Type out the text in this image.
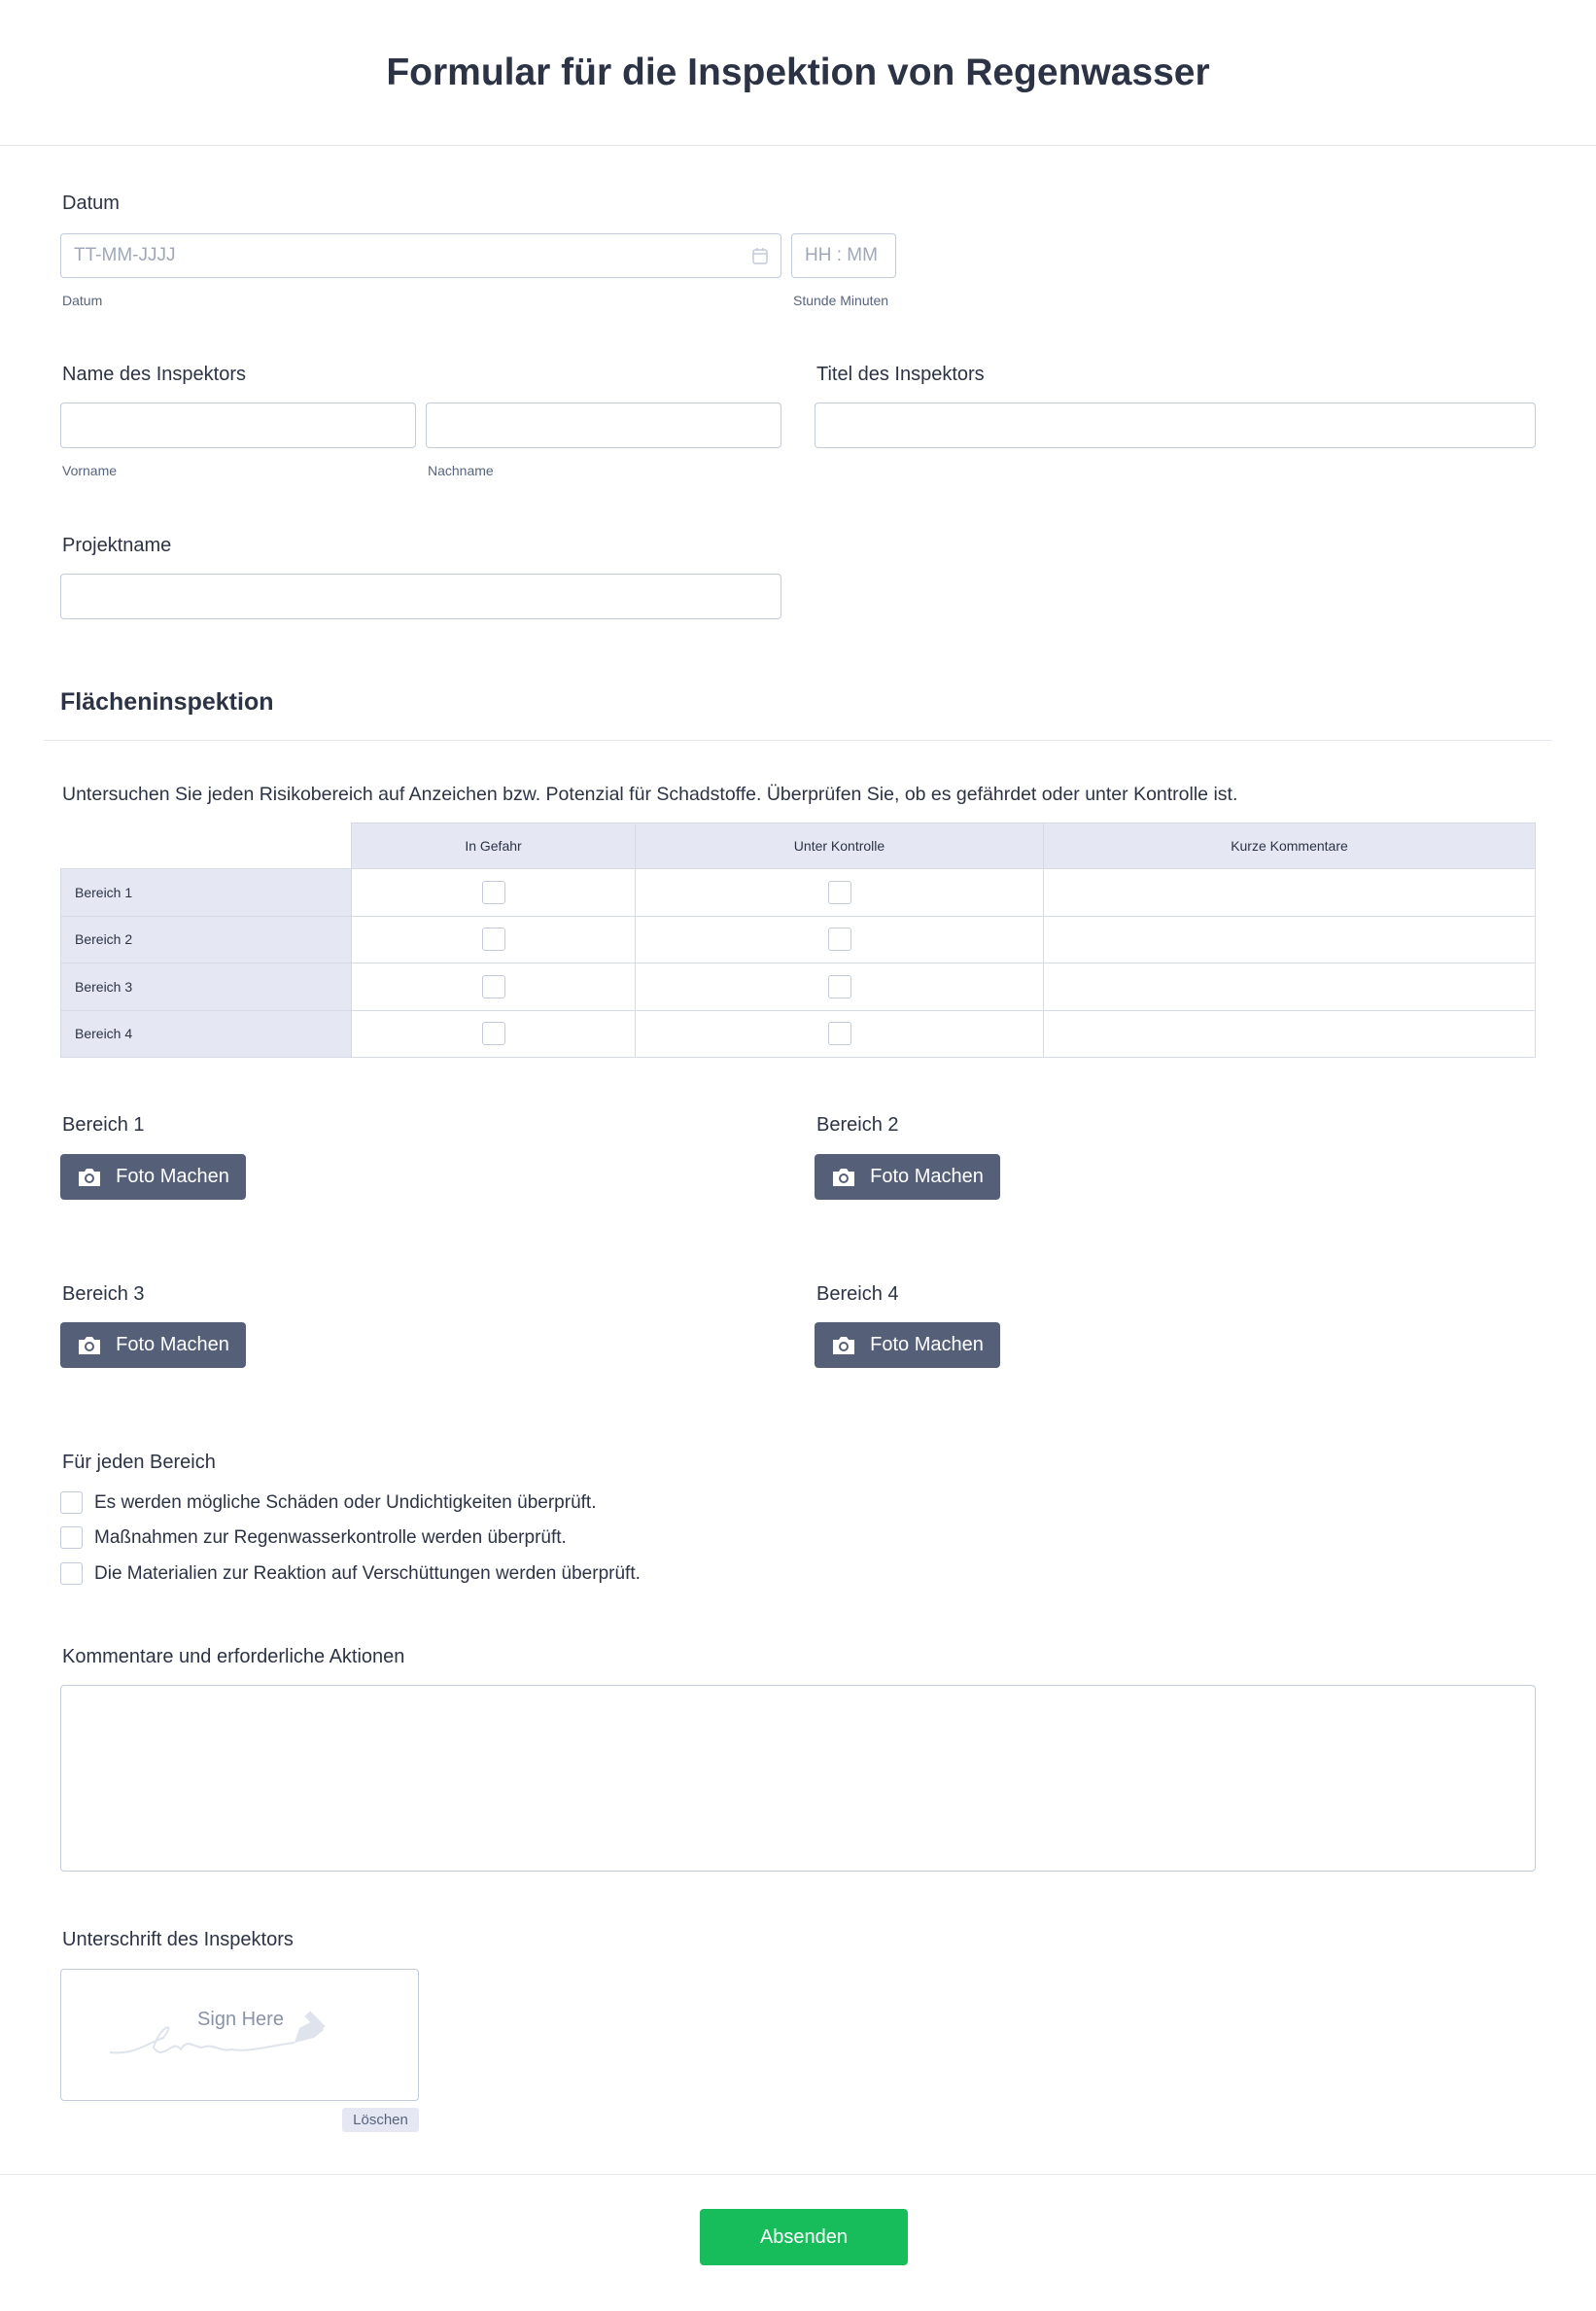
Formular für die Inspektion von Regenwasser
Datum
TT-MM-JJJJ	HH : MM
Datum	Stunde Minuten
Name des Inspektors
Vorname	Nachname
Titel des Inspektors
Projektname
Flächeninspektion
Untersuchen Sie jeden Risikobereich auf Anzeichen bzw. Potenzial für Schadstoffe. Überprüfen Sie, ob es gefährdet oder unter Kontrolle ist.
	In Gefahr	Unter Kontrolle	Kurze Kommentare
Bereich 1			
Bereich 2			
Bereich 3			
Bereich 4			
Bereich 1
Foto Machen
Bereich 2
Foto Machen
Bereich 3
Foto Machen
Bereich 4
Foto Machen
Für jeden Bereich
Es werden mögliche Schäden oder Undichtigkeiten überprüft.
Maßnahmen zur Regenwasserkontrolle werden überprüft.
Die Materialien zur Reaktion auf Verschüttungen werden überprüft.
Kommentare und erforderliche Aktionen
Unterschrift des Inspektors
Sign Here
Löschen
Absenden
